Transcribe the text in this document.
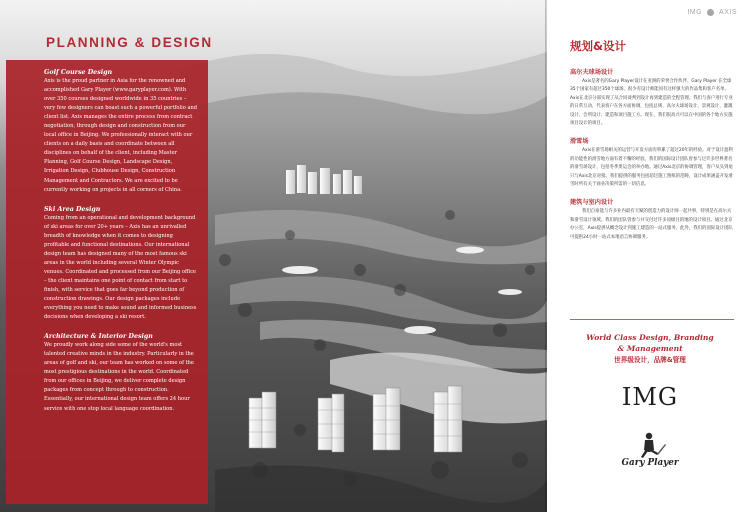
PLANNING & DESIGN
Golf Course Design

Axis is the proud partner in Asia for the renowned and accomplished Gary Player (www.garyplayer.com). With over 350 courses designed worldwide in 35 countries – very few designers can boast such a powerful portfolio and client list. Axis manages the entire process from contract negotiation, through design and construction from our local office in Beijing. We professionally interact with our clients on a daily basis and coordinate between all disciplines on behalf of the client, including Master Planning, Golf Course Design, Landscape Design, Irrigation Design, Clubhouse Design, Construction Management and Contractors. We are excited to be currently working on projects in all corners of China.

Ski Area Design

Coming from an operational and development background of ski areas for over 20+ years – Axis has an unrivalled breadth of knowledge when it comes to designing profitable and functional destinations. Our international design team has designed many of the most famous ski areas in the world including several Winter Olympic venues. Coordinated and processed from our Beijing office – the client maintains one point of contact from start to finish, with service that goes far beyond production of construction drawings. Our design packages include everything you need to make sound and informed business decisions when developing a ski resort.

Architecture & Interior Design

We proudly work along side some of the world's most talented creative minds in the industry. Particularly in the areas of golf and ski, our team has worked on some of the most prestigious destinations in the world. Coordinated from our offices in Beijing, we deliver complete design packages from concept through to construction. Essentially, our international design team offers 24 hour service with one stop local language coordination.

IMG AXIS
规划&设计
高尔夫球场设计

Axis是著名的Gary Player设计在亚洲的荣誉合作伙伴。Gary Player 在全球35个国家有超过350个球场。很少有设计师能同有这样强大的作品集和客户名单。Axis在北京分部实现了从合同谈判到设计再到建造的全程管理。我们与客户进行专业的日常互动，代表客户在各方面协调，包括总规、高尔夫球场设计、景观设计、灌溉设计、会所设计、建造和项目施工方。现在，我们很高兴可以在中国的各个地方实施项目设计的项目。

滑雪场

Axis在滑雪场相关的运营与开发方面有积累了超过20年的经验。对于设计盈利的功能性的滑雪地方面有着不懈的经验。我们的国际设计团队曾参与过许多世界著名的滑雪场设计，包括冬季奥运会的举办地。通过Axis北京的协调管理，客户从头到尾只与Axis北京对接。我们提供的服务包括超过施工图纸的范畴，设计成果涵盖开发滑雪时所有关于商业决策所需的一切信息。

建筑与室内设计

我们自豪能与许多业内最有天赋的创造力的设计师一起共事，特别是在高尔夫和滑雪设计领域。我们的团队曾参与并交付过许多顶级目的地的设计项目。通过北京办公室，Axis提供从概念设计到施工建造的一站式服务。此外，我们的国际设计团队可提供24小时一站式本地语言协调服务。

World Class Design, Branding
& Management
世界级设计，品牌&管理
IMG
Gary Player
